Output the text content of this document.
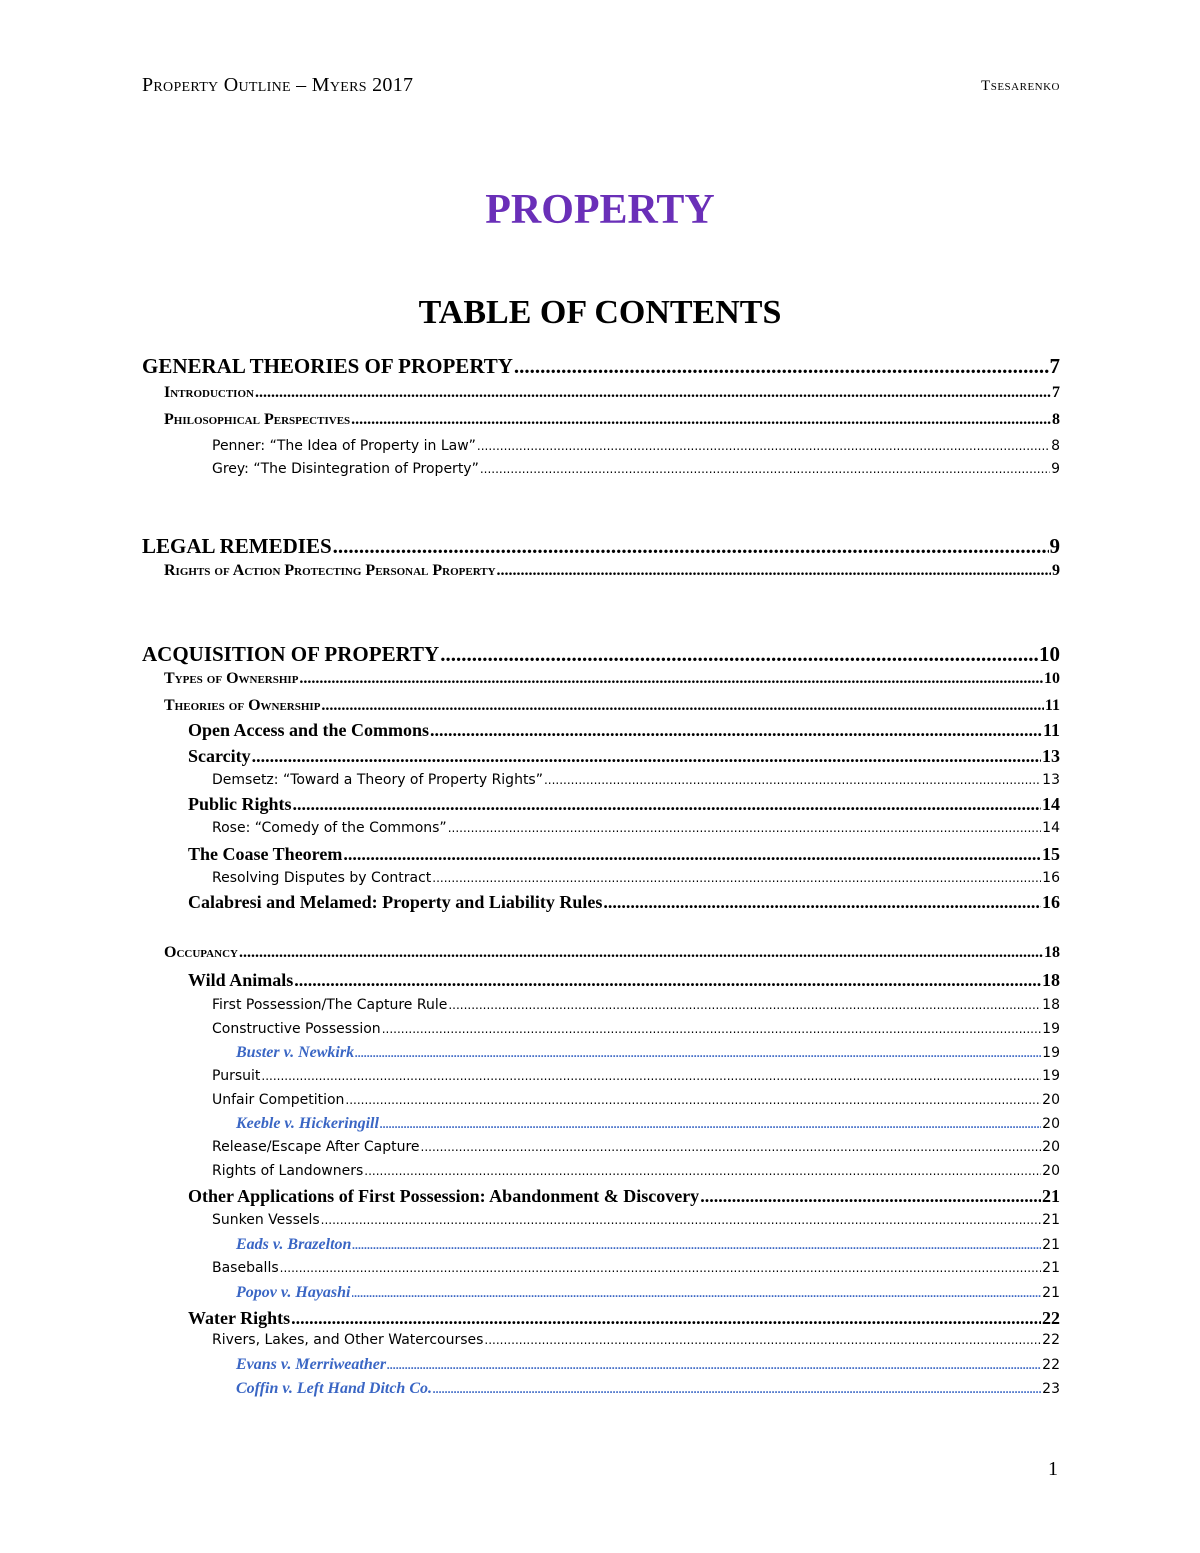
Property Outline – Myers 2017	Tsesarenko
PROPERTY
TABLE OF CONTENTS
GENERAL THEORIES OF PROPERTY .....	7
Introduction .....	7
Philosophical Perspectives .....	8
Penner: “The Idea of Property in Law” .....	8
Grey: “The Disintegration of Property” .....	9
LEGAL REMEDIES .....	9
Rights of Action Protecting Personal Property .....	9
ACQUISITION OF PROPERTY .....	10
Types of Ownership .....	10
Theories of Ownership .....	11
Open Access and the Commons .....	11
Scarcity .....	13
Demsetz: “Toward a Theory of Property Rights” .....	13
Public Rights .....	14
Rose: “Comedy of the Commons” .....	14
The Coase Theorem .....	15
Resolving Disputes by Contract .....	16
Calabresi and Melamed: Property and Liability Rules .....	16
Occupancy .....	18
Wild Animals .....	18
First Possession/The Capture Rule .....	18
Constructive Possession .....	19
Buster v. Newkirk .....	19
Pursuit .....	19
Unfair Competition .....	20
Keeble v. Hickeringill .....	20
Release/Escape After Capture .....	20
Rights of Landowners .....	20
Other Applications of First Possession: Abandonment & Discovery .....	21
Sunken Vessels .....	21
Eads v. Brazelton .....	21
Baseballs .....	21
Popov v. Hayashi .....	21
Water Rights .....	22
Rivers, Lakes, and Other Watercourses .....	22
Evans v. Merriweather .....	22
Coffin v. Left Hand Ditch Co. .....	23
1
